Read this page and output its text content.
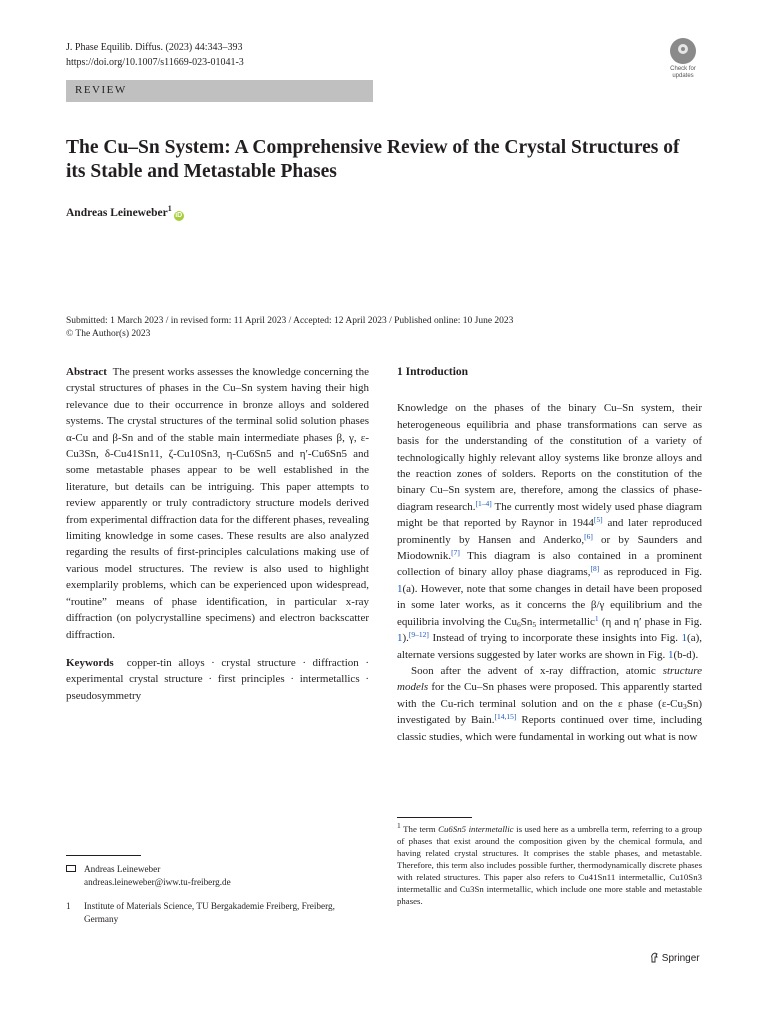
J. Phase Equilib. Diffus. (2023) 44:343–393
https://doi.org/10.1007/s11669-023-01041-3
Check for
updates
REVIEW
The Cu–Sn System: A Comprehensive Review of the Crystal Structures of its Stable and Metastable Phases
Andreas Leineweber$^1$iD
Submitted: 1 March 2023 / in revised form: 11 April 2023 / Accepted: 12 April 2023 / Published online: 10 June 2023
© The Author(s) 2023

Abstract The present works assesses the knowledge concerning the crystal structures of phases in the Cu–Sn system having their high relevance due to their occurrence in bronze alloys and soldered systems. The crystal structures of the terminal solid solution phases α-Cu and β-Sn and of the stable main intermediate phases β, γ, ε-Cu3Sn, δ-Cu41Sn11, ζ-Cu10Sn3, η-Cu6Sn5 and η′-Cu6Sn5 and some metastable phases appear to be well established in the literature, but details can be intriguing. This paper attempts to review apparently or truly contradictory structure models derived from experimental diffraction data for the different phases, revealing limiting knowledge in some cases. These results are also analyzed regarding the results of first-principles calculations making use of various model structures. The review is also used to highlight exemplarily problems, which can be experienced upon widespread, “routine” means of phase identification, in particular x-ray diffraction (on polycrystalline specimens) and electron backscatter diffraction.

Keywords copper-tin alloys · crystal structure · diffraction · experimental crystal structure · first principles · intermetallics · pseudosymmetry

Andreas Leineweber
andreas.leineweber@iww.tu-freiberg.de
1	Institute of Materials Science, TU Bergakademie Freiberg, Freiberg, Germany

1 Introduction

Knowledge on the phases of the binary Cu–Sn system, their heterogeneous equilibria and phase transformations can serve as basis for the understanding of the constitution of a variety of technologically highly relevant alloy systems like bronze alloys and the reaction zones of solders. Reports on the constitution of the binary Cu–Sn system are, therefore, among the classics of phase-diagram research.[1–4] The currently most widely used phase diagram might be that reported by Raynor in 1944[5] and later reproduced prominently by Hansen and Anderko,[6] or by Saunders and Miodownik.[7] This diagram is also contained in a prominent collection of binary alloy phase diagrams,[8] as reproduced in Fig. 1(a). However, note that some changes in detail have been proposed in some later works, as it concerns the β/γ equilibrium and the equilibria involving the $Cu_6Sn_5$ intermetallic$^1$ (η and η′ phase in Fig. 1).[9–12] Instead of trying to incorporate these insights into Fig. 1(a), alternate versions suggested by later works are shown in Fig. 1(b-d).

Soon after the advent of x-ray diffraction, atomic structure models for the Cu–Sn phases were proposed. This apparently started with the Cu-rich terminal solution and on the ε phase $(\varepsilon-Cu_3Sn)$ investigated by Bain.[14,15] Reports continued over time, including classic studies, which were fundamental in working out what is now

1 The term Cu6Sn5 intermetallic is used here as a umbrella term, referring to a group of phases that exist around the composition given by the chemical formula, and having related crystal structures. It comprises the stable phases, and metastable. Therefore, this term also includes possible further, thermodynamically discrete phases with related structures. This paper also refers to Cu41Sn11 intermetallic, Cu10Sn3 intermetallic and Cu3Sn intermetallic, which include one more stable and metastable phases.
Springer
